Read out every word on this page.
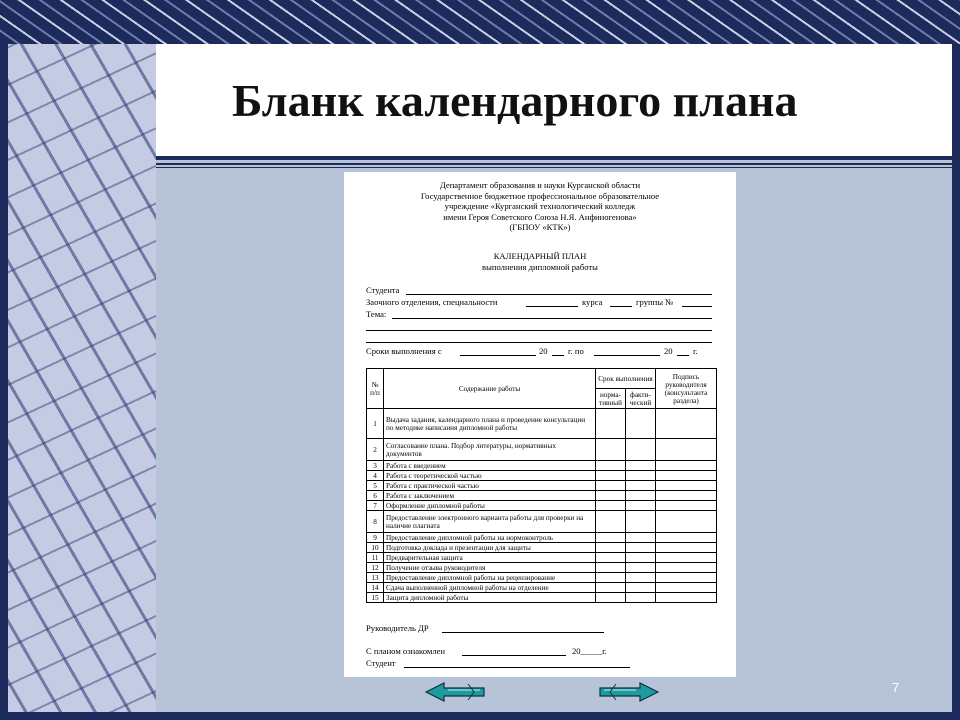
Бланк календарного плана
Департамент образования и науки Курганской области
Государственное бюджетное профессиональное образовательное
учреждение «Курганский технологический колледж
имени Героя Советского Союза Н.Я. Анфиногенова»
(ГБПОУ «КТК»)
КАЛЕНДАРНЫЙ ПЛАН
выполнения дипломной работы
Студента
Заочного отделения, специальности	курса	группы №
Тема:
Сроки выполнения с	20 г. по	20 г.
№ п/п	Содержание работы	Срок выполнения		Подпись руководителя (консультанта раздела)
		норма- тивный	факти- ческий	
1	Выдача задания, календарного плана и проведение консультации по методике написания дипломной работы			
2	Согласование плана. Подбор литературы, нормативных документов			
3	Работа с введением			
4	Работа с теоретической частью			
5	Работа с практической частью			
6	Работа с заключением			
7	Оформление дипломной работы			
8	Предоставление электронного варианта работы для проверки на наличие плагиата			
9	Предоставление дипломной работы на нормоконтроль			
10	Подготовка доклада и презентации для защиты			
11	Предварительная защита			
12	Получение отзыва руководителя			
13	Предоставление дипломной работы на рецензирование			
14	Сдача выполненной дипломной работы на отделение			
15	Защита дипломной работы			
Руководитель ДР
С планом ознакомлен	20_____г.
Студент
7
